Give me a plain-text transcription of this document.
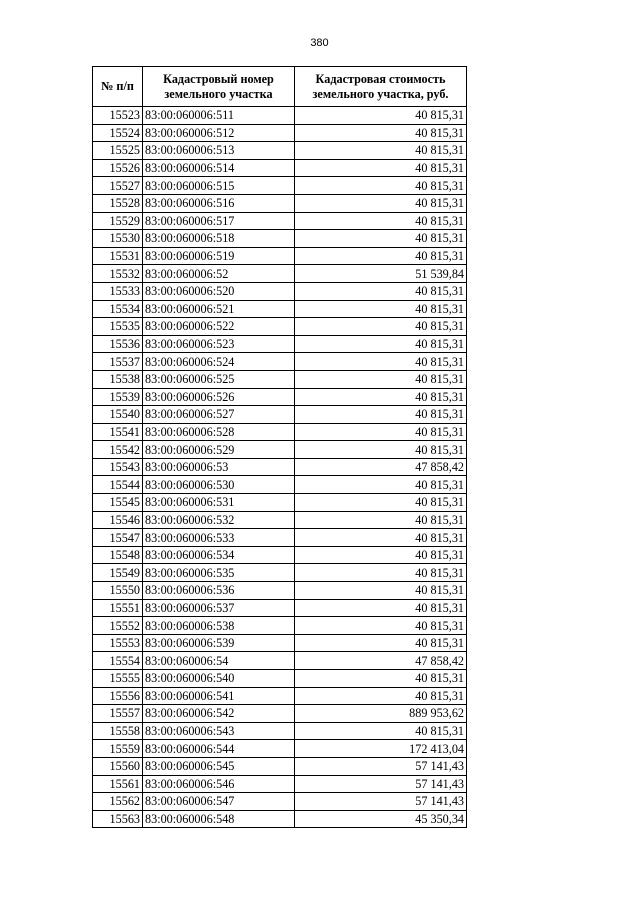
380
№ п/п	Кадастровый номер земельного участка	Кадастровая стоимость земельного участка, руб.
15523	83:00:060006:511	40 815,31
15524	83:00:060006:512	40 815,31
15525	83:00:060006:513	40 815,31
15526	83:00:060006:514	40 815,31
15527	83:00:060006:515	40 815,31
15528	83:00:060006:516	40 815,31
15529	83:00:060006:517	40 815,31
15530	83:00:060006:518	40 815,31
15531	83:00:060006:519	40 815,31
15532	83:00:060006:52	51 539,84
15533	83:00:060006:520	40 815,31
15534	83:00:060006:521	40 815,31
15535	83:00:060006:522	40 815,31
15536	83:00:060006:523	40 815,31
15537	83:00:060006:524	40 815,31
15538	83:00:060006:525	40 815,31
15539	83:00:060006:526	40 815,31
15540	83:00:060006:527	40 815,31
15541	83:00:060006:528	40 815,31
15542	83:00:060006:529	40 815,31
15543	83:00:060006:53	47 858,42
15544	83:00:060006:530	40 815,31
15545	83:00:060006:531	40 815,31
15546	83:00:060006:532	40 815,31
15547	83:00:060006:533	40 815,31
15548	83:00:060006:534	40 815,31
15549	83:00:060006:535	40 815,31
15550	83:00:060006:536	40 815,31
15551	83:00:060006:537	40 815,31
15552	83:00:060006:538	40 815,31
15553	83:00:060006:539	40 815,31
15554	83:00:060006:54	47 858,42
15555	83:00:060006:540	40 815,31
15556	83:00:060006:541	40 815,31
15557	83:00:060006:542	889 953,62
15558	83:00:060006:543	40 815,31
15559	83:00:060006:544	172 413,04
15560	83:00:060006:545	57 141,43
15561	83:00:060006:546	57 141,43
15562	83:00:060006:547	57 141,43
15563	83:00:060006:548	45 350,34
